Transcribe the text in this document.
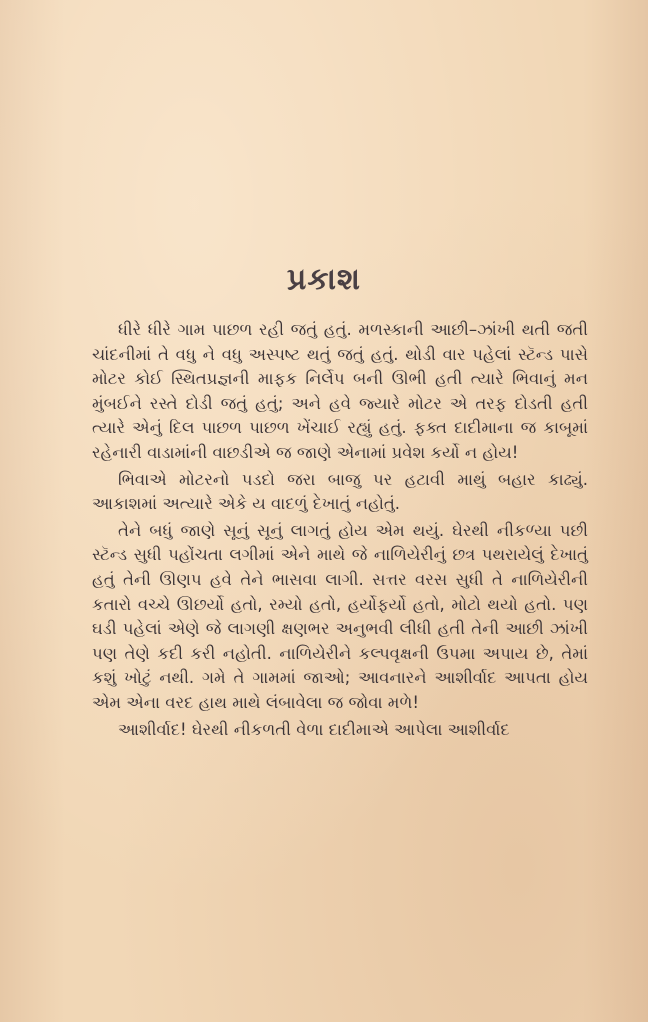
પ્રકાશ

ધીરે ધીરે ગામ પાછળ રહી જતું હતું. મળસ્કાની આછી–ઝાંખી થતી જતી ચાંદનીમાં તે વધુ ને વધુ અસ્પષ્ટ થતું જતું હતું. થોડી વાર પહેલાં સ્ટૅન્ડ પાસે મોટર કોઈ સ્થિતપ્રજ્ઞની માફક નિર્લેપ બની ઊભી હતી ત્યારે ભિવાનું મન મુંબઈને રસ્તે દોડી જતું હતું; અને હવે જ્યારે મોટર એ તરફ દોડતી હતી ત્યારે એનું દિલ પાછળ પાછળ ખેંચાઈ રહ્યું હતું. ફક્ત દાદીમાના જ કાબૂમાં રહેનારી વાડામાંની વાછડીએ જ જાણે એનામાં પ્રવેશ કર્યો ન હોય!

ભિવાએ મોટરનો પડદો જરા બાજુ પર હટાવી માથું બહાર કાઢ્યું. આકાશમાં અત્યારે એકે ય વાદળું દેખાતું નહોતું.

તેને બધું જાણે સૂનું સૂનું લાગતું હોય એમ થયું. ઘેરથી નીકળ્યા પછી સ્ટૅન્ડ સુધી પહોંચતા લગીમાં એને માથે જે નાળિયેરીનું છત્ર પથરાયેલું દેખાતું હતું તેની ઊણપ હવે તેને ભાસવા લાગી. સત્તર વરસ સુધી તે નાળિયેરીની કતારો વચ્ચે ઊછર્યો હતો, રમ્યો હતો, હર્યોફર્યો હતો, મોટો થયો હતો. પણ ઘડી પહેલાં એણે જે લાગણી ક્ષણભર અનુભવી લીધી હતી તેની આછી ઝાંખી પણ તેણે કદી કરી નહોતી. નાળિયેરીને કલ્પવૃક્ષની ઉપમા અપાય છે, તેમાં કશું ખોટું નથી. ગમે તે ગામમાં જાઓ; આવનારને આશીર્વાદ આપતા હોય એમ એના વરદ હાથ માથે લંબાવેલા જ જોવા મળે!

આશીર્વાદ! ઘેરથી નીકળતી વેળા દાદીમાએ આપેલા આશીર્વાદ
